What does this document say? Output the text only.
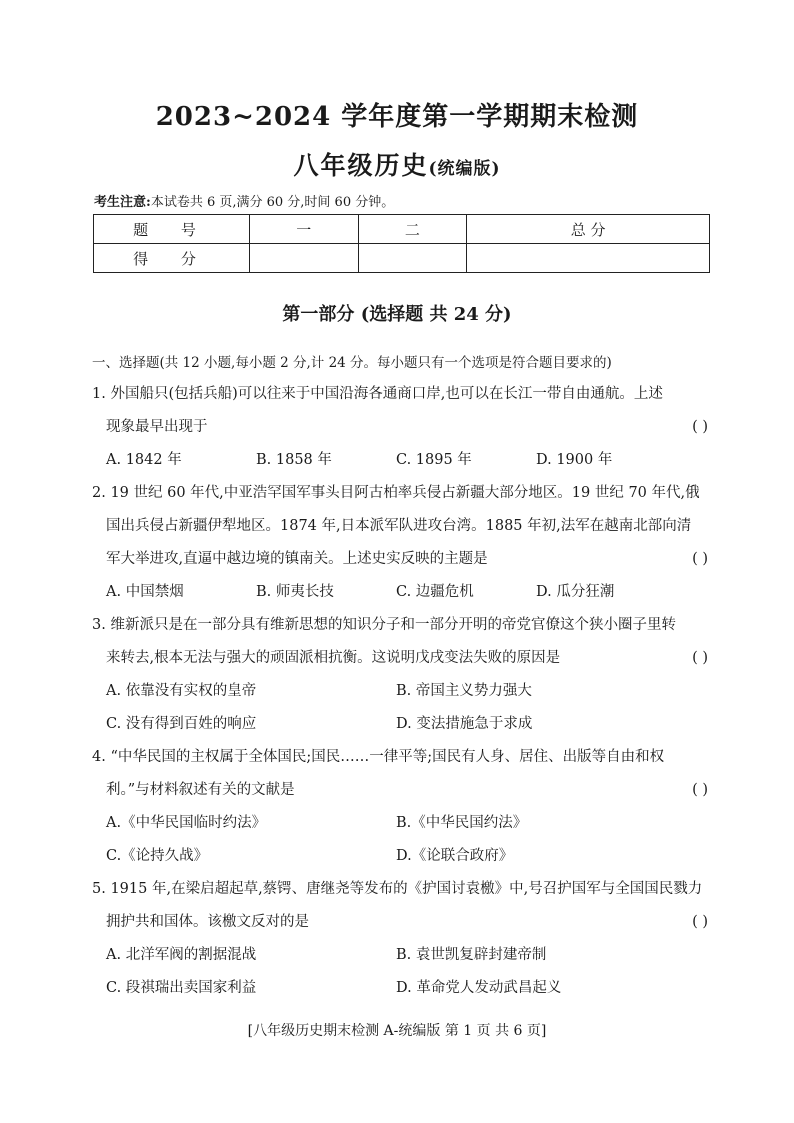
2023~2024 学年度第一学期期末检测
八年级历史(统编版)
考生注意:本试卷共 6 页,满分 60 分,时间 60 分钟。
题 号	一	二	总 分
得 分			
第一部分 (选择题 共 24 分)
一、选择题(共 12 小题,每小题 2 分,计 24 分。每小题只有一个选项是符合题目要求的)
1. 外国船只(包括兵船)可以往来于中国沿海各通商口岸,也可以在长江一带自由通航。上述
现象最早出现于	( )
A. 1842 年	B. 1858 年	C. 1895 年	D. 1900 年
2. 19 世纪 60 年代,中亚浩罕国军事头目阿古柏率兵侵占新疆大部分地区。19 世纪 70 年代,俄
国出兵侵占新疆伊犁地区。1874 年,日本派军队进攻台湾。1885 年初,法军在越南北部向清
军大举进攻,直逼中越边境的镇南关。上述史实反映的主题是	( )
A. 中国禁烟	B. 师夷长技	C. 边疆危机	D. 瓜分狂潮
3. 维新派只是在一部分具有维新思想的知识分子和一部分开明的帝党官僚这个狭小圈子里转
来转去,根本无法与强大的顽固派相抗衡。这说明戊戌变法失败的原因是	( )
A. 依靠没有实权的皇帝	B. 帝国主义势力强大
C. 没有得到百姓的响应	D. 变法措施急于求成
4. “中华民国的主权属于全体国民;国民……一律平等;国民有人身、居住、出版等自由和权
利。”与材料叙述有关的文献是	( )
A.《中华民国临时约法》	B.《中华民国约法》
C.《论持久战》	D.《论联合政府》
5. 1915 年,在梁启超起草,蔡锷、唐继尧等发布的《护国讨袁檄》中,号召护国军与全国国民戮力
拥护共和国体。该檄文反对的是	( )
A. 北洋军阀的割据混战	B. 袁世凯复辟封建帝制
C. 段祺瑞出卖国家利益	D. 革命党人发动武昌起义
[八年级历史期末检测 A-统编版 第 1 页 共 6 页]
